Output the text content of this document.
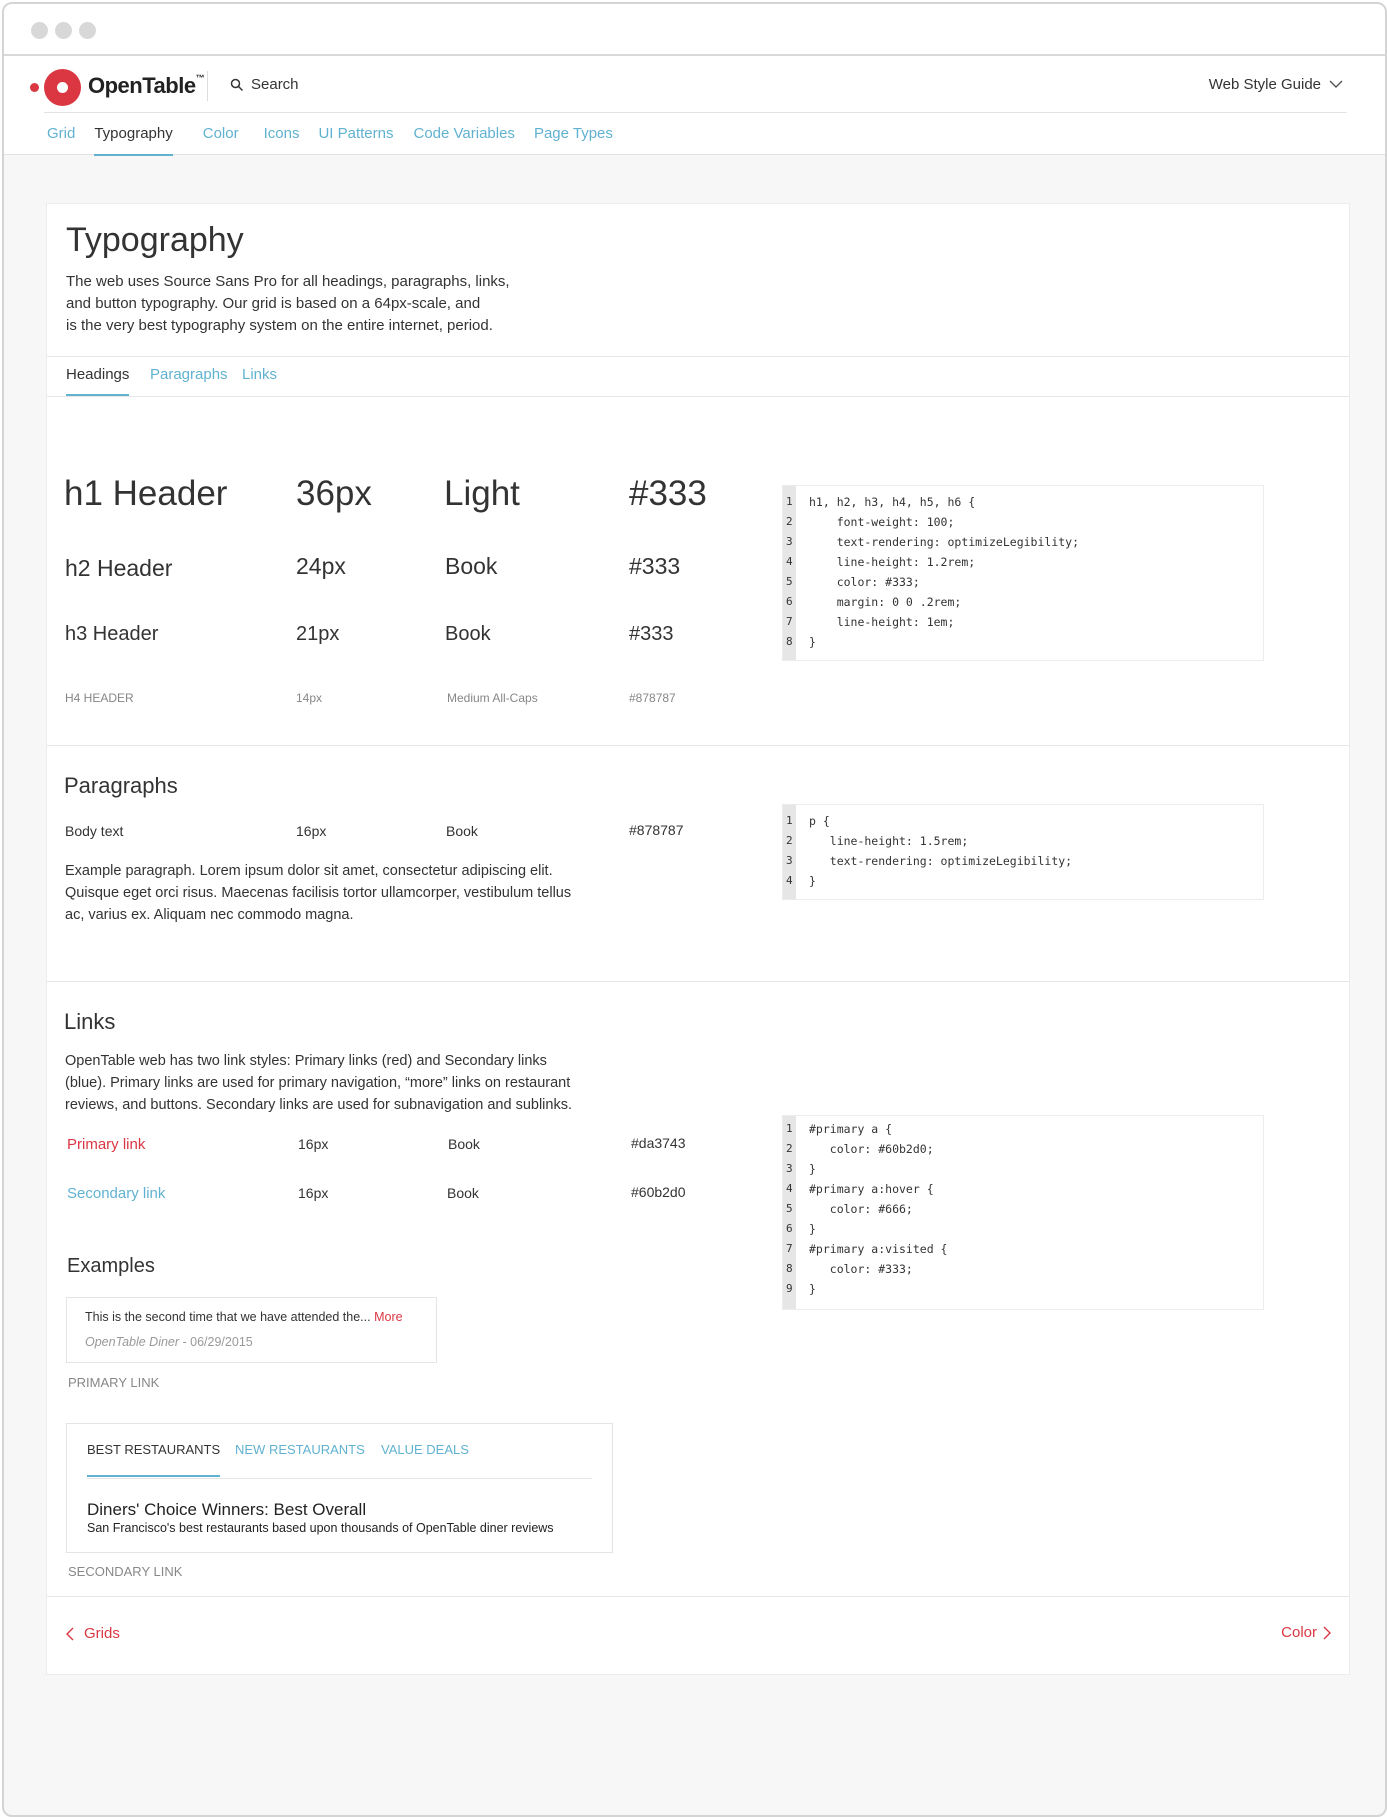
OpenTable™	Search	Web Style Guide
Grid Typography Color Icons UI Patterns Code Variables Page Types
Typography
The web uses Source Sans Pro for all headings, paragraphs, links,
and button typography. Our grid is based on a 64px-scale, and
is the very best typography system on the entire internet, period.
Headings Paragraphs Links
h1 Header 36px Light	#333
h2 Header	24px	Book	#333
h3 Header	21px	Book	#333
H4 HEADER	14px	Medium All-Caps	#878787
1 h1, h2, h3, h4, h5, h6 {
2 font-weight: 100;
3 text-rendering: optimizeLegibility;
4 line-height: 1.2rem;
5 color: #333;
6 margin: 0 0 .2rem;
7 line-height: 1em;
8 }
Paragraphs
Body text	16px	Book	#878787
Example paragraph. Lorem ipsum dolor sit amet, consectetur adipiscing elit.
Quisque eget orci risus. Maecenas facilisis tortor ullamcorper, vestibulum tellus
ac, varius ex. Aliquam nec commodo magna.
1 p {
2 line-height: 1.5rem;
3 text-rendering: optimizeLegibility;
4 }
Links
OpenTable web has two link styles: Primary links (red) and Secondary links
(blue). Primary links are used for primary navigation, “more” links on restaurant
reviews, and buttons. Secondary links are used for subnavigation and sublinks.
Primary link	16px	Book	#da3743
Secondary link	16px	Book	#60b2d0
1 #primary a {
2 color: #60b2d0;
3 }
4 #primary a:hover {
5 color: #666;
6 }
7 #primary a:visited {
8 color: #333;
9 }
Examples
This is the second time that we have attended the... More
OpenTable Diner - 06/29/2015
PRIMARY LINK
BEST RESTAURANTS NEW RESTAURANTS VALUE DEALS
Diners' Choice Winners: Best Overall
San Francisco's best restaurants based upon thousands of OpenTable diner reviews
SECONDARY LINK
Grids	Color
